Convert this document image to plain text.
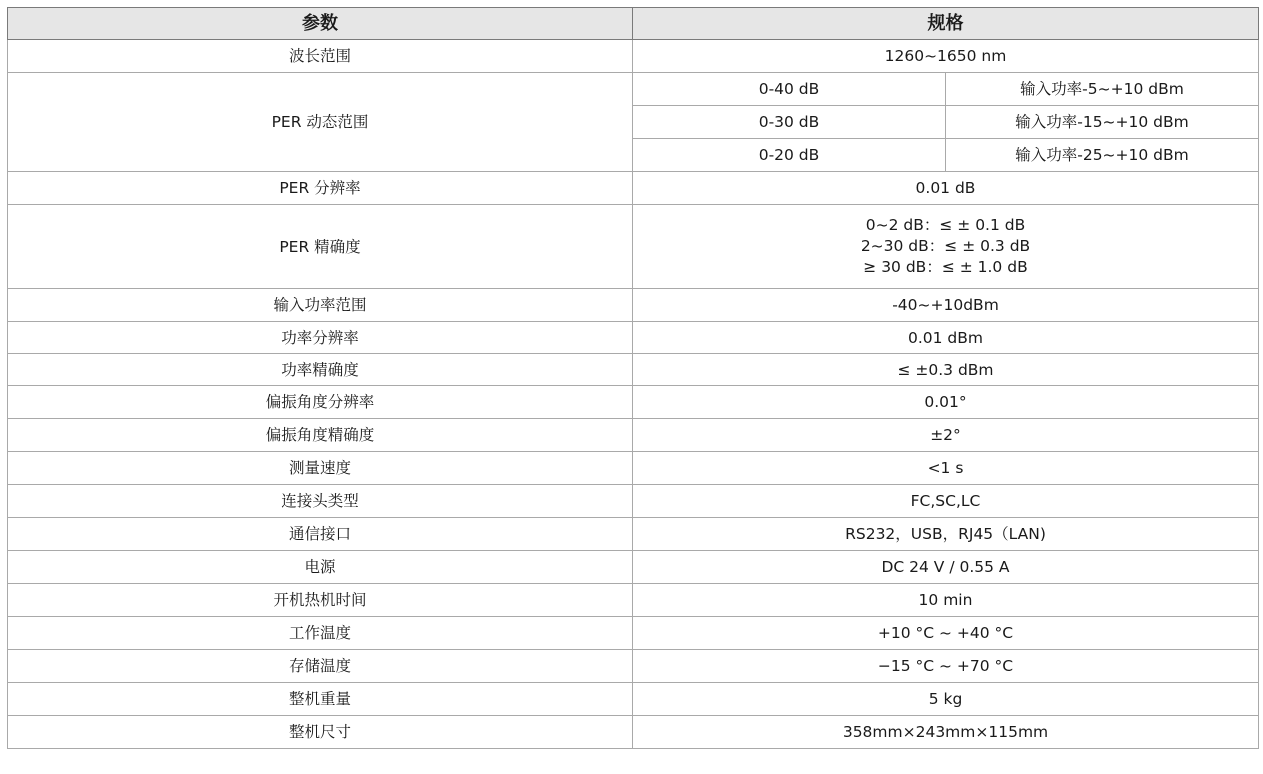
参数	规格	
波长范围	1260~1650 nm	
PER 动态范围	0-40 dB	输入功率-5~+10 dBm
	0-30 dB	输入功率-15~+10 dBm
	0-20 dB	输入功率-25~+10 dBm
PER 分辨率	0.01 dB	
PER 精确度	0~2 dB：≤ ± 0.1 dB
2~30 dB：≤ ± 0.3 dB
≥ 30 dB：≤ ± 1.0 dB	

输入功率范围	-40~+10dBm	
功率分辨率	0.01 dBm	
功率精确度	≤ ±0.3 dBm	
偏振角度分辨率	0.01°	
偏振角度精确度	±2°	
测量速度	<1 s	
连接头类型	FC,SC,LC	
通信接口	RS232，USB，RJ45（LAN)	
电源	DC 24 V / 0.55 A	
开机热机时间	10 min	
工作温度	+10 °C ~ +40 °C	
存储温度	−15 °C ~ +70 °C	
整机重量	5 kg	
整机尺寸	358mm×243mm×115mm	
